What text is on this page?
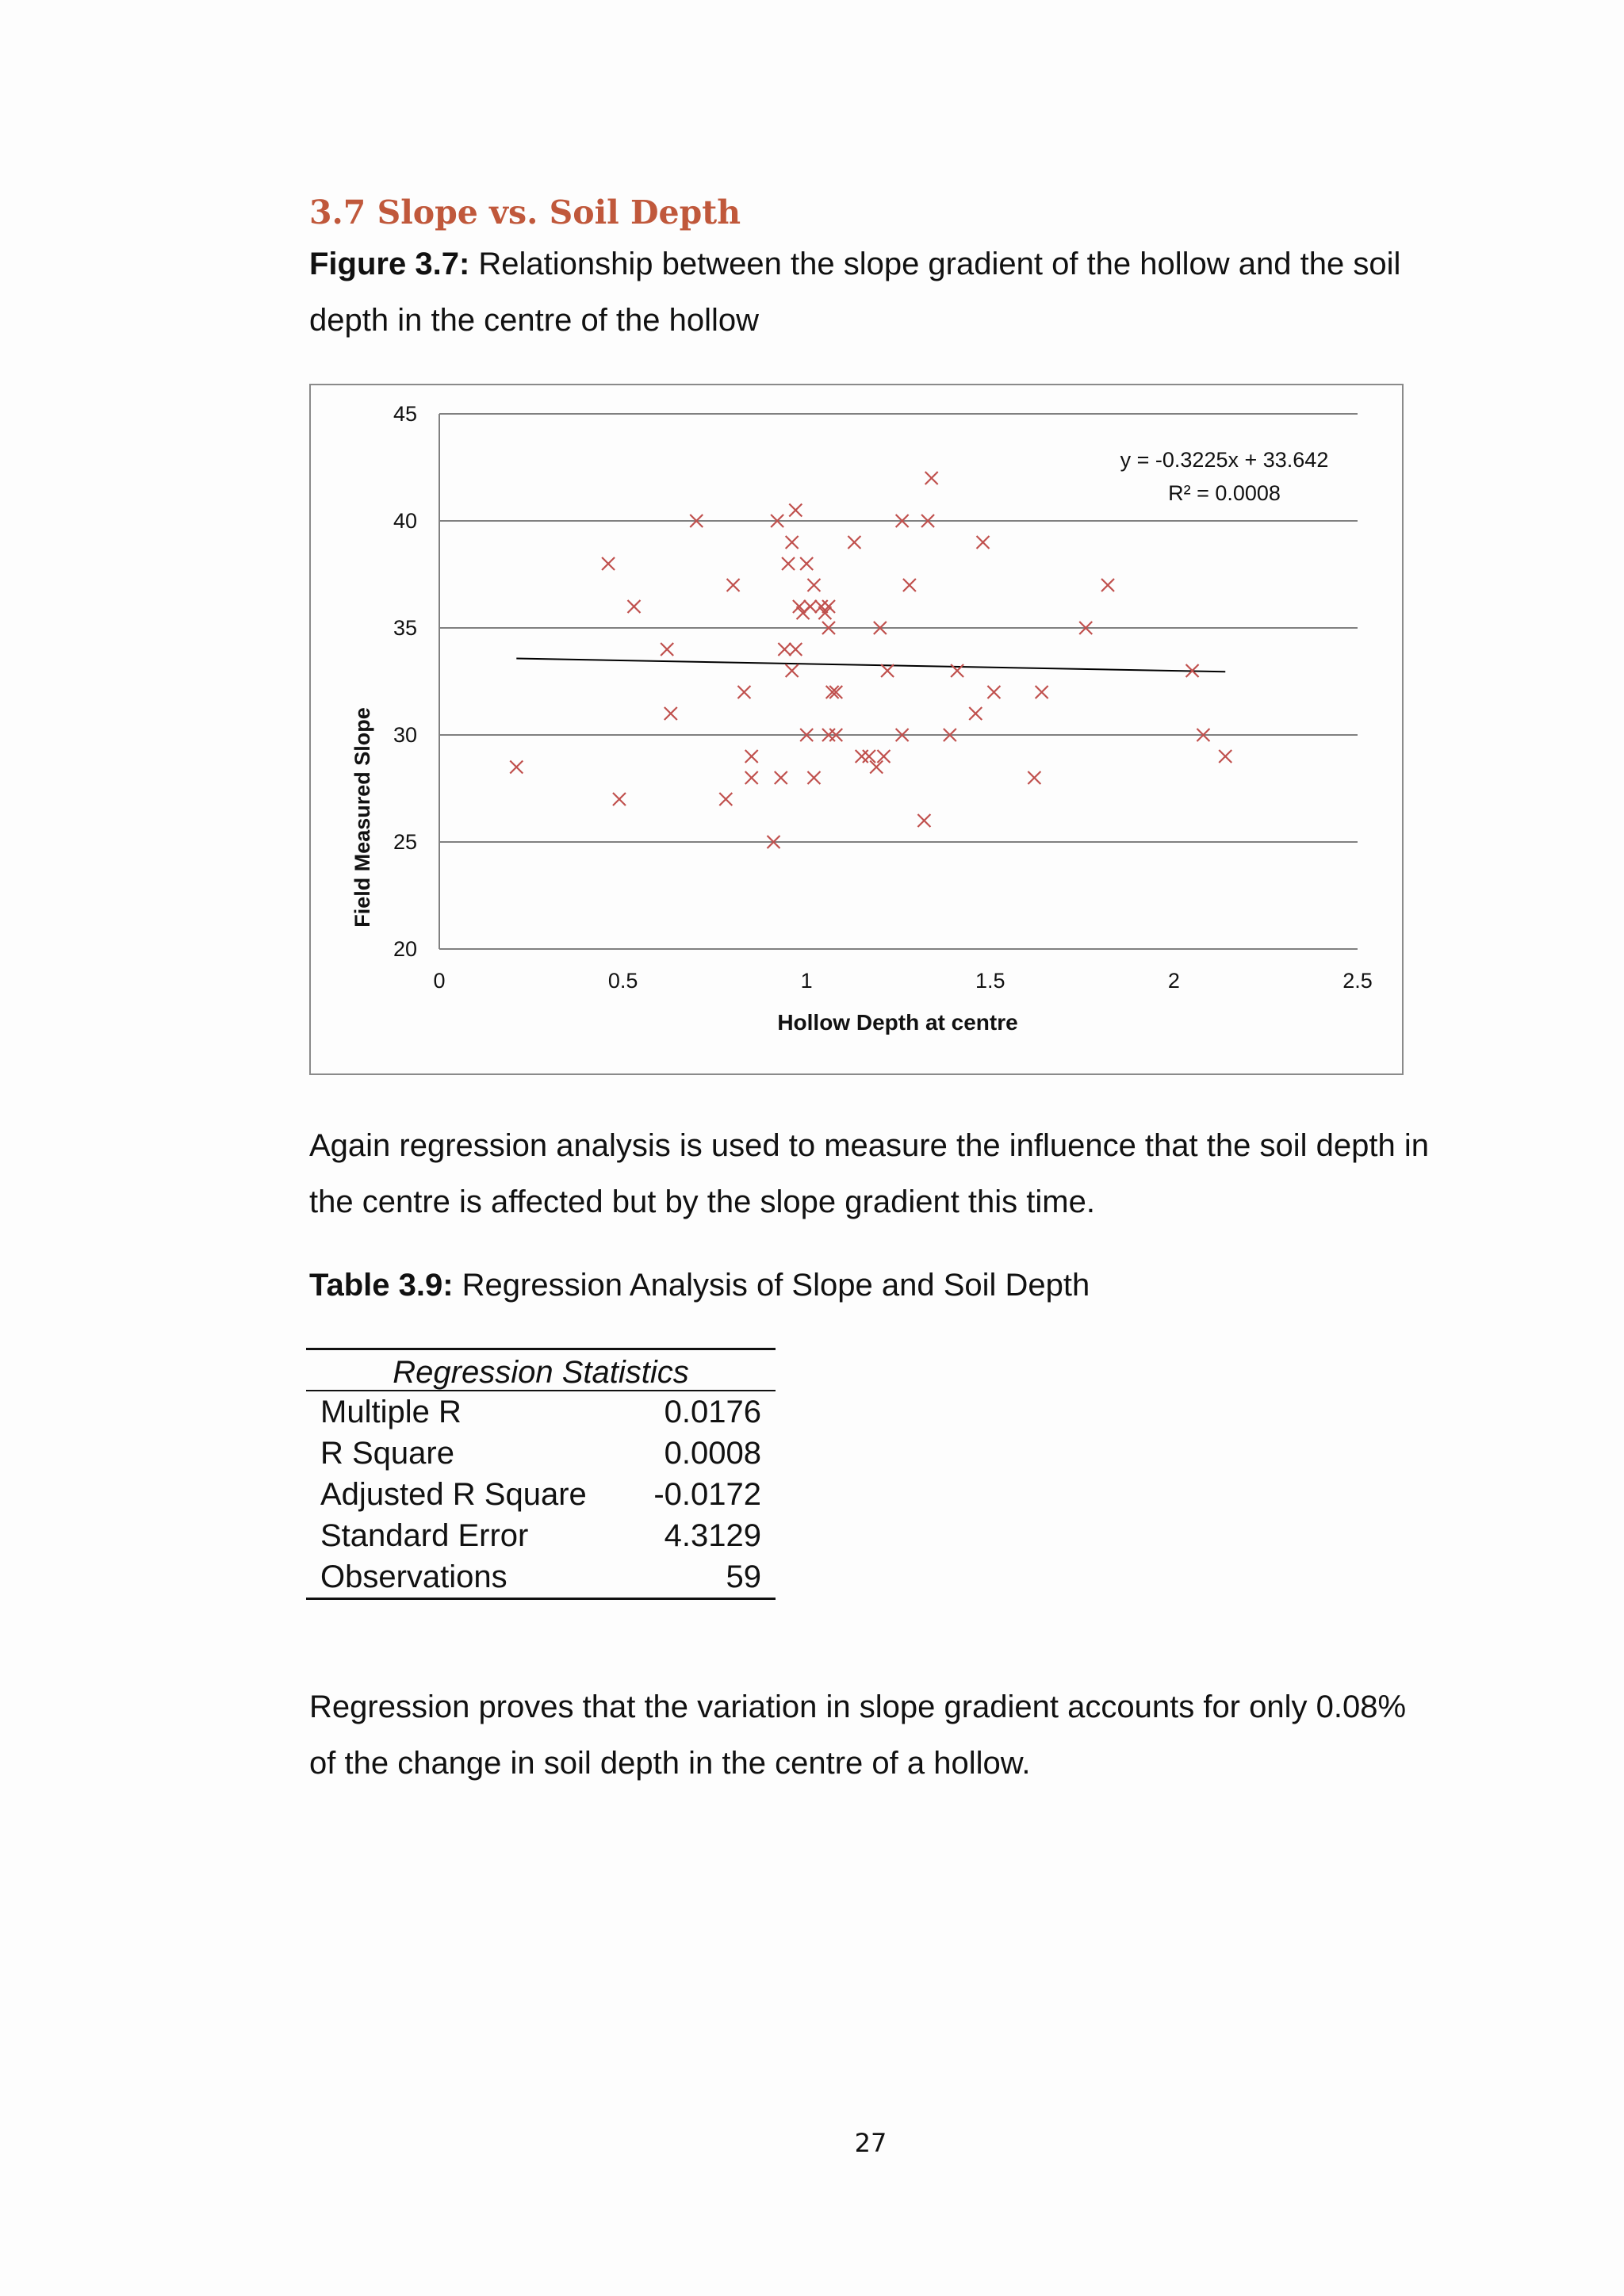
3.7 Slope vs. Soil Depth

Figure 3.7: Relationship between the slope gradient of the hollow and the soil depth in the centre of the hollow

20
25
30
35
40
45
0	0.5	1	1.5	2	2.5
y = -0.3225x + 33.642
R² = 0.0008
Hollow Depth at centre
Field Measured Slope

Again regression analysis is used to measure the influence that the soil depth in the centre is affected but by the slope gradient this time.

Table 3.9: Regression Analysis of Slope and Soil Depth

Regression Statistics	
Multiple R	0.0176
R Square	0.0008
Adjusted R Square	-0.0172
Standard Error	4.3129
Observations	59

Regression proves that the variation in slope gradient accounts for only 0.08% of the change in soil depth in the centre of a hollow.

27
